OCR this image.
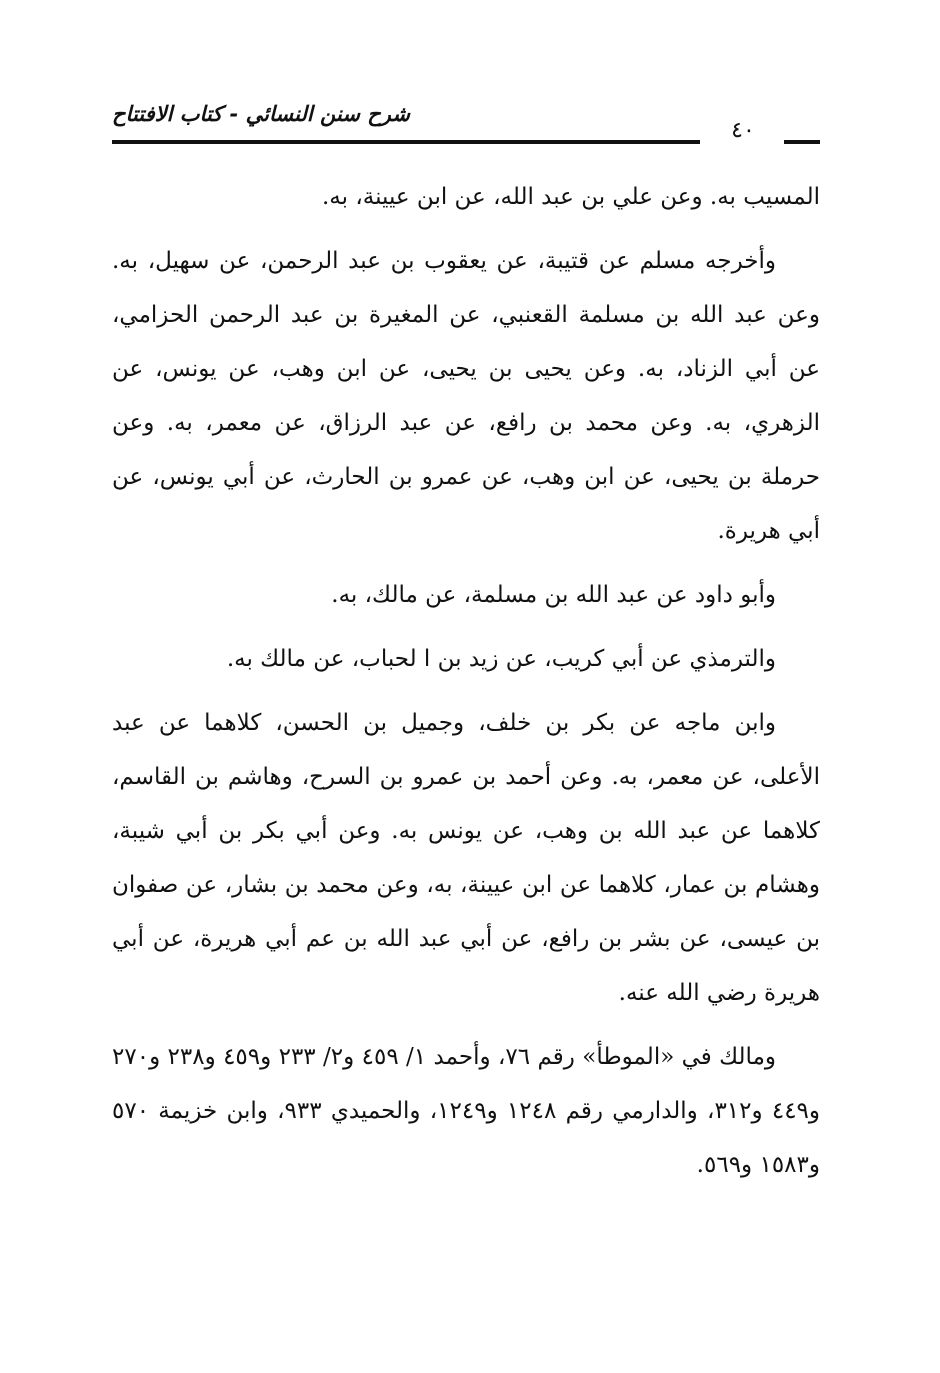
شرح سنن النسائي - كتاب الافتتاح
٤٠

المسيب به. وعن علي بن عبد الله، عن ابن عيينة، به.

وأخرجه مسلم عن قتيبة، عن يعقوب بن عبد الرحمن، عن سهيل، به. وعن عبد الله بن مسلمة القعنبي، عن المغيرة بن عبد الرحمن الحزامي، عن أبي الزناد، به. وعن يحيى بن يحيى، عن ابن وهب، عن يونس، عن الزهري، به. وعن محمد بن رافع، عن عبد الرزاق، عن معمر، به. وعن حرملة بن يحيى، عن ابن وهب، عن عمرو بن الحارث، عن أبي يونس، عن أبي هريرة.

وأبو داود عن عبد الله بن مسلمة، عن مالك، به.

والترمذي عن أبي كريب، عن زيد بن ا لحباب، عن مالك به.

وابن ماجه عن بكر بن خلف، وجميل بن الحسن، كلاهما عن عبد الأعلى، عن معمر، به. وعن أحمد بن عمرو بن السرح، وهاشم بن القاسم، كلاهما عن عبد الله بن وهب، عن يونس به. وعن أبي بكر بن أبي شيبة، وهشام بن عمار، كلاهما عن ابن عيينة، به، وعن محمد بن بشار، عن صفوان بن عيسى، عن بشر بن رافع، عن أبي عبد الله بن عم أبي هريرة، عن أبي هريرة رضي الله عنه.

ومالك في «الموطأ» رقم ٧٦، وأحمد ١/ ٤٥٩ و٢/ ٢٣٣ و٤٥٩ و٢٣٨ و٢٧٠ و٤٤٩ و٣١٢، والدارمي رقم ١٢٤٨ و١٢٤٩، والحميدي ٩٣٣، وابن خزيمة ٥٧٠ و١٥٨٣ و٥٦٩.
